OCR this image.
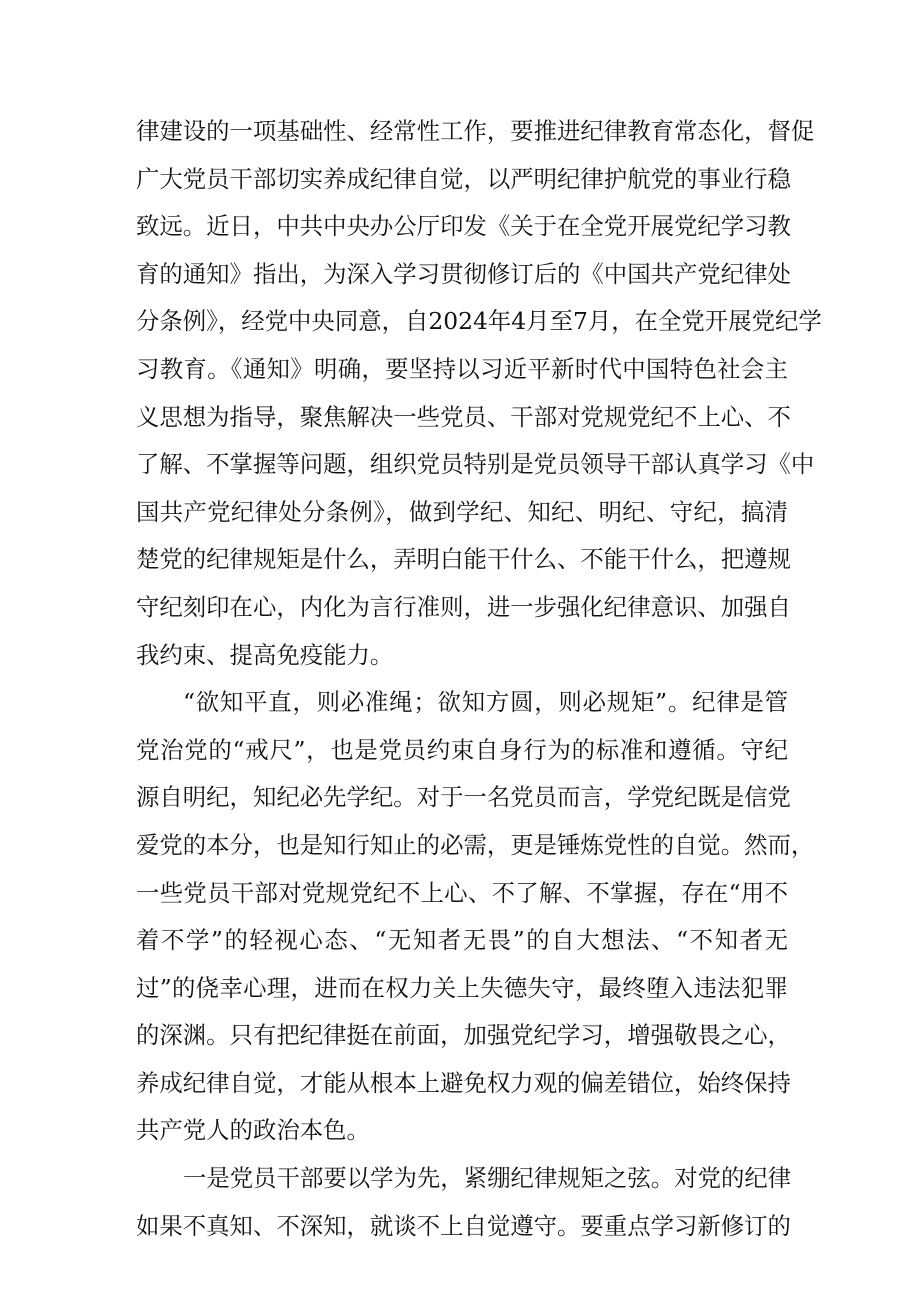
律建设的一项基础性、经常性工作，要推进纪律教育常态化，督促
广大党员干部切实养成纪律自觉，以严明纪律护航党的事业行稳
致远。近日，中共中央办公厅印发《关于在全党开展党纪学习教
育的通知》指出，为深入学习贯彻修订后的《中国共产党纪律处
分条例》，经党中央同意，自2024年4月至7月，在全党开展党纪学
习教育。《通知》明确，要坚持以习近平新时代中国特色社会主
义思想为指导，聚焦解决一些党员、干部对党规党纪不上心、不
了解、不掌握等问题，组织党员特别是党员领导干部认真学习《中
国共产党纪律处分条例》，做到学纪、知纪、明纪、守纪，搞清
楚党的纪律规矩是什么，弄明白能干什么、不能干什么，把遵规
守纪刻印在心，内化为言行准则，进一步强化纪律意识、加强自
我约束、提高免疫能力。
“欲知平直，则必准绳；欲知方圆，则必规矩”。纪律是管
党治党的“戒尺”，也是党员约束自身行为的标准和遵循。守纪
源自明纪，知纪必先学纪。对于一名党员而言，学党纪既是信党
爱党的本分，也是知行知止的必需，更是锤炼党性的自觉。然而，
一些党员干部对党规党纪不上心、不了解、不掌握，存在“用不
着不学”的轻视心态、“无知者无畏”的自大想法、“不知者无
过”的侥幸心理，进而在权力关上失德失守，最终堕入违法犯罪
的深渊。只有把纪律挺在前面，加强党纪学习，增强敬畏之心，
养成纪律自觉，才能从根本上避免权力观的偏差错位，始终保持
共产党人的政治本色。
一是党员干部要以学为先，紧绷纪律规矩之弦。对党的纪律
如果不真知、不深知，就谈不上自觉遵守。要重点学习新修订的
